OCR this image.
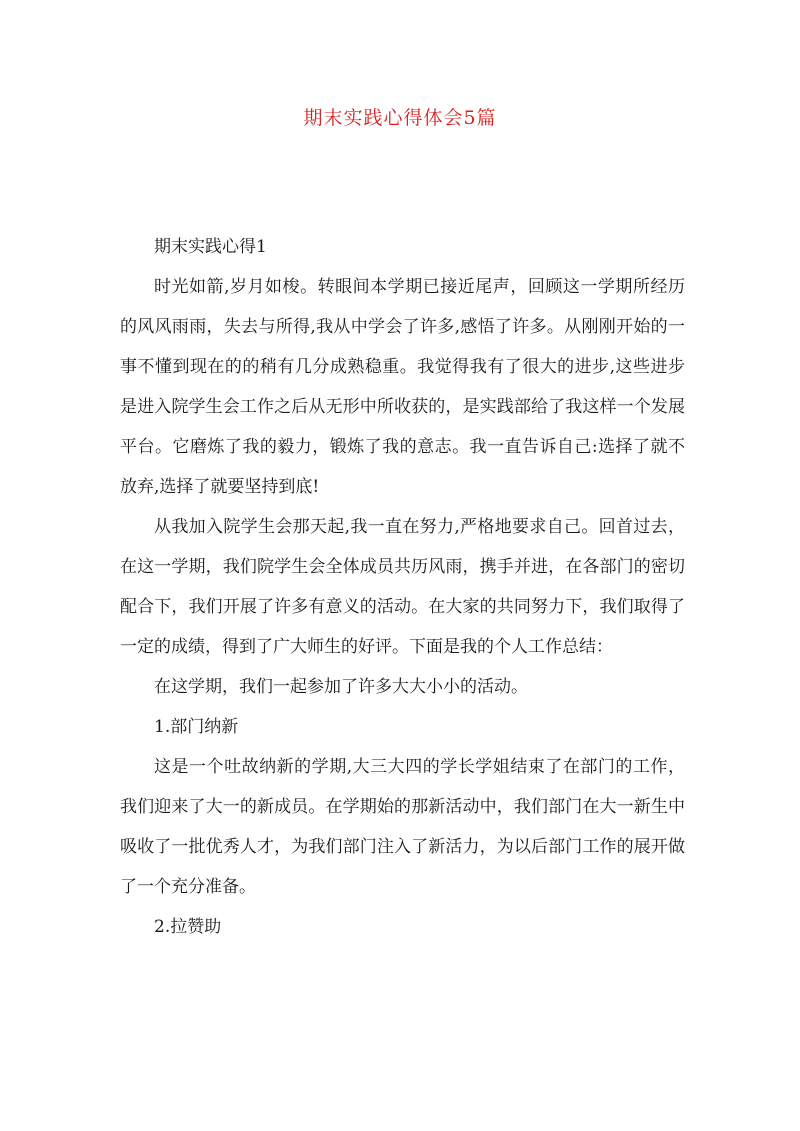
期末实践心得体会5篇

期末实践心得1

时光如箭,岁月如梭。转眼间本学期已接近尾声，回顾这一学期所经历的风风雨雨，失去与所得,我从中学会了许多,感悟了许多。从刚刚开始的一事不懂到现在的的稍有几分成熟稳重。我觉得我有了很大的进步,这些进步是进入院学生会工作之后从无形中所收获的，是实践部给了我这样一个发展平台。它磨炼了我的毅力，锻炼了我的意志。我一直告诉自己:选择了就不放弃,选择了就要坚持到底!

从我加入院学生会那天起,我一直在努力,严格地要求自己。回首过去，在这一学期，我们院学生会全体成员共历风雨，携手并进，在各部门的密切配合下，我们开展了许多有意义的活动。在大家的共同努力下，我们取得了一定的成绩，得到了广大师生的好评。下面是我的个人工作总结：

在这学期，我们一起参加了许多大大小小的活动。

1.部门纳新

这是一个吐故纳新的学期,大三大四的学长学姐结束了在部门的工作，我们迎来了大一的新成员。在学期始的那新活动中，我们部门在大一新生中吸收了一批优秀人才，为我们部门注入了新活力，为以后部门工作的展开做了一个充分准备。

2.拉赞助
